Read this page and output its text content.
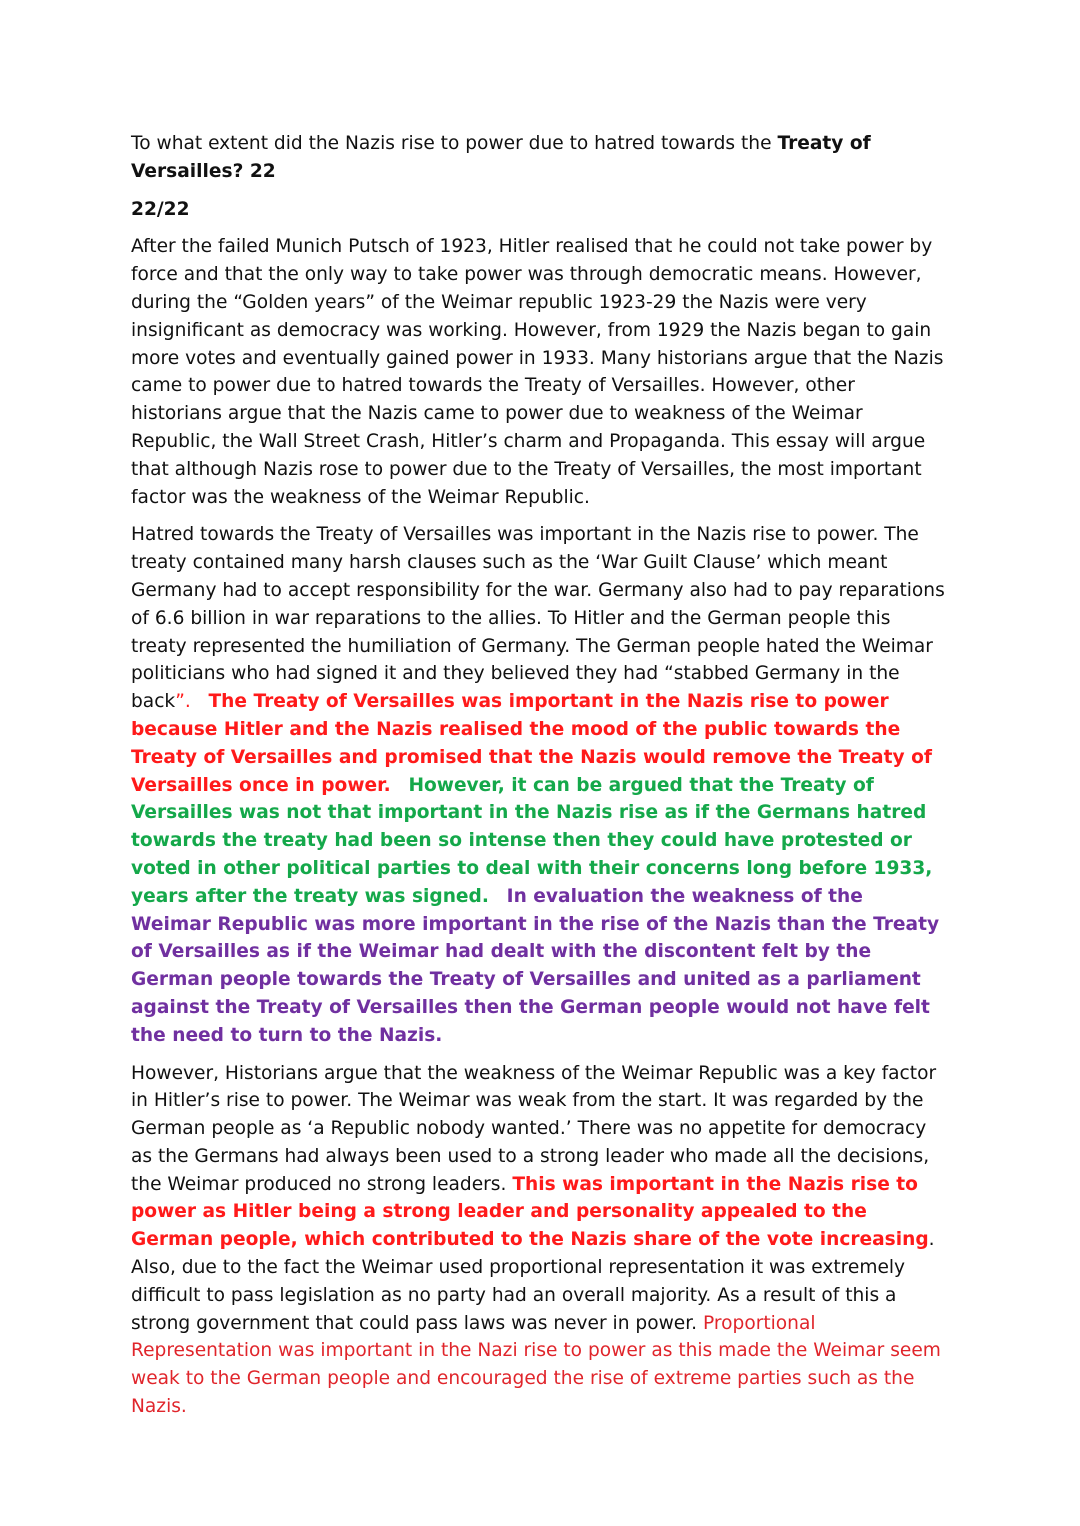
To what extent did the Nazis rise to power due to hatred towards the Treaty of Versailles? 22

22/22

After the failed Munich Putsch of 1923, Hitler realised that he could not take power by force and that the only way to take power was through democratic means. However, during the “Golden years” of the Weimar republic 1923-29 the Nazis were very insignificant as democracy was working. However, from 1929 the Nazis began to gain more votes and eventually gained power in 1933. Many historians argue that the Nazis came to power due to hatred towards the Treaty of Versailles. However, other historians argue that the Nazis came to power due to weakness of the Weimar Republic, the Wall Street Crash, Hitler’s charm and Propaganda. This essay will argue that although Nazis rose to power due to the Treaty of Versailles, the most important factor was the weakness of the Weimar Republic.

Hatred towards the Treaty of Versailles was important in the Nazis rise to power. The treaty contained many harsh clauses such as the ‘War Guilt Clause’ which meant Germany had to accept responsibility for the war. Germany also had to pay reparations of 6.6 billion in war reparations to the allies. To Hitler and the German people this treaty represented the humiliation of Germany. The German people hated the Weimar politicians who had signed it and they believed they had “stabbed Germany in the back”. The Treaty of Versailles was important in the Nazis rise to power because Hitler and the Nazis realised the mood of the public towards the Treaty of Versailles and promised that the Nazis would remove the Treaty of Versailles once in power. However, it can be argued that the Treaty of Versailles was not that important in the Nazis rise as if the Germans hatred towards the treaty had been so intense then they could have protested or voted in other political parties to deal with their concerns long before 1933, years after the treaty was signed. In evaluation the weakness of the Weimar Republic was more important in the rise of the Nazis than the Treaty of Versailles as if the Weimar had dealt with the discontent felt by the German people towards the Treaty of Versailles and united as a parliament against the Treaty of Versailles then the German people would not have felt the need to turn to the Nazis.

However, Historians argue that the weakness of the Weimar Republic was a key factor in Hitler’s rise to power. The Weimar was weak from the start. It was regarded by the German people as ‘a Republic nobody wanted.’ There was no appetite for democracy as the Germans had always been used to a strong leader who made all the decisions, the Weimar produced no strong leaders. This was important in the Nazis rise to power as Hitler being a strong leader and personality appealed to the German people, which contributed to the Nazis share of the vote increasing.  Also, due to the fact the Weimar used proportional representation it was extremely difficult to pass legislation as no party had an overall majority. As a result of this a strong government that could pass laws was never in power. Proportional Representation was important in the Nazi rise to power as this made the Weimar seem weak to the German people and encouraged the rise of extreme parties such as the Nazis.
